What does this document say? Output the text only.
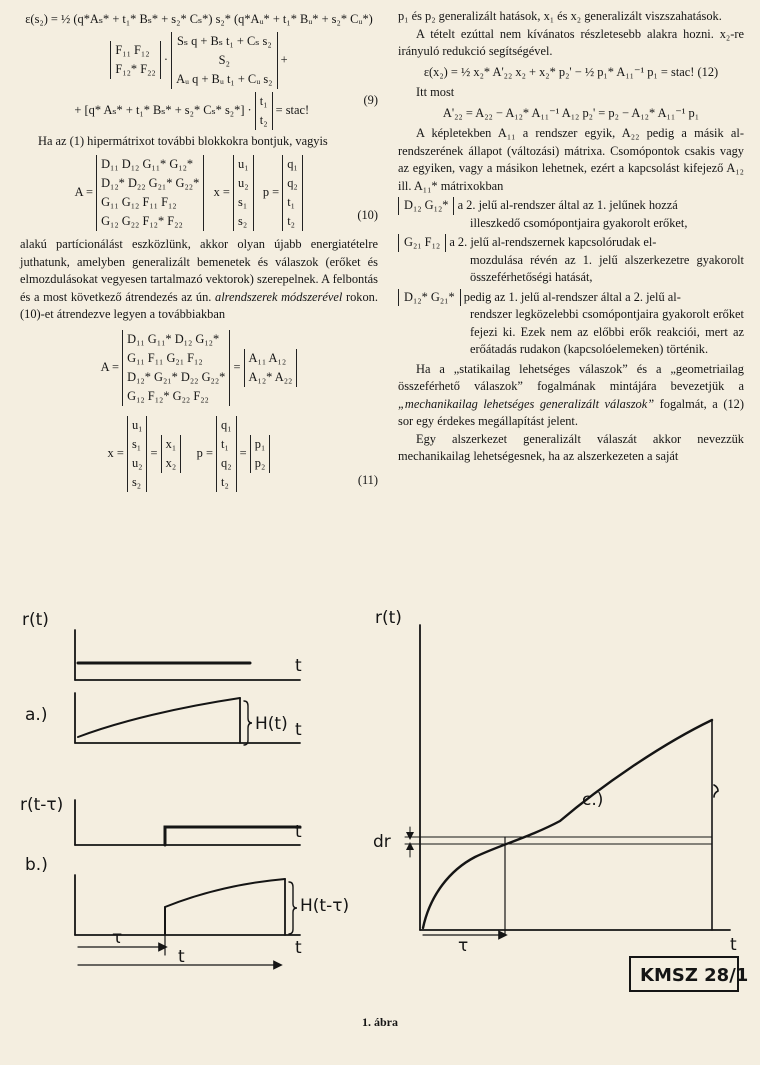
ε(s₂) = ½ (q*Aₛ* + t₁* Bₛ* + s₂* Cₛ*) s₂* (q*Aᵤ* + t₁* Bᵤ* + s₂* Cᵤ*)
F₁₁ F₁₂
F₁₂* F₂₂
·
Sₛ q + Bₛ t₁ + Cₛ s₂
S₂
Aᵤ q + Bᵤ t₁ + Cᵤ s₂
+
+ [q* Aₛ* + t₁* Bₛ* + s₂* Cₛ* s₂*] ·
t₁
t₂
= stac!
(9)

Ha az (1) hipermátrixot további blokkokra bontjuk, vagyis

A =
D₁₁ D₁₂ G₁₁* G₁₂*
D₁₂* D₂₂ G₂₁* G₂₂*
G₁₁ G₁₂ F₁₁ F₁₂
G₁₂ G₂₂ F₁₂* F₂₂
x =
u₁
u₂
s₁
s₂
p =
q₁
q₂
t₁
t₂	(10)

alakú partícionálást eszközlünk, akkor olyan újabb energiatételre juthatunk, amelyben generalizált bemenetek és válaszok (erőket és elmozdulásokat vegyesen tartalmazó vektorok) szerepelnek. A felbontás és a most következő átrendezés az ún. alrendszerek módszerével rokon. (10)-et átrendezve legyen a továbbiakban

A =
D₁₁ G₁₁* D₁₂ G₁₂*
G₁₁ F₁₁ G₂₁ F₁₂
D₁₂* G₂₁* D₂₂ G₂₂*
G₁₂ F₁₂* G₂₂ F₂₂
=
A₁₁ A₁₂
A₁₂* A₂₂
x =
u₁
s₁
u₂
s₂
=
x₁
x₂
p =
q₁
t₁
q₂
t₂
=
p₁
p₂
(11)

p₁ és p₂ generalizált hatások, x₁ és x₂ generalizált viszszahatások.

A tételt ezúttal nem kívánatos részletesebb alakra hozni. x₂-re irányuló redukció segítségével.

ε(x₂) = ½ x₂* A'₂₂ x₂ + x₂* p₂' − ½ p₁* A₁₁⁻¹ p₁ = stac! (12)

Itt most

A'₂₂ = A₂₂ − A₁₂* A₁₁⁻¹ A₁₂ p₂' = p₂ − A₁₂* A₁₁⁻¹ p₁

A képletekben A₁₁ a rendszer egyik, A₂₂ pedig a másik al-rendszerének állapot (változási) mátrixa. Csomópontok csakis vagy az egyiken, vagy a másikon lehetnek, ezért a kapcsolást kifejező A₁₂ ill. A₁₁* mátrixokban

D₁₂ G₁₂* a 2. jelű al-rendszer által az 1. jelűnek hozzá
illeszkedő csomópontjaira gyakorolt erőket,
G₂₁ F₁₂ a 2. jelű al-rendszernek kapcsolórudak el-
mozdulása révén az 1. jelű alszerkezetre gyakorolt összeférhetőségi hatását,
D₁₂* G₂₁* pedig az 1. jelű al-rendszer által a 2. jelű al-
rendszer legközelebbi csomópontjaira gyakorolt erőket fejezi ki. Ezek nem az előbbi erők reakciói, mert az erőátadás rudakon (kapcsolóelemeken) történik.

Ha a „statikailag lehetséges válaszok” és a „geometriailag összeférhető válaszok” fogalmának mintájára bevezetjük a „mechanikailag lehetséges generalizált válaszok” fogalmát, a (12) sor egy érdekes megállapítást jelent.

Egy alszerkezet generalizált válaszát akkor nevezzük mechanikailag lehetségesnek, ha az alszerkezeten a saját

r(t)
t
a.)
t
H(t)
r(t-τ)
t
b.)
t
H(t-τ)
τ
t
r(t)
c.)
dr
τ	t
KMSZ 28/1
1. ábra
